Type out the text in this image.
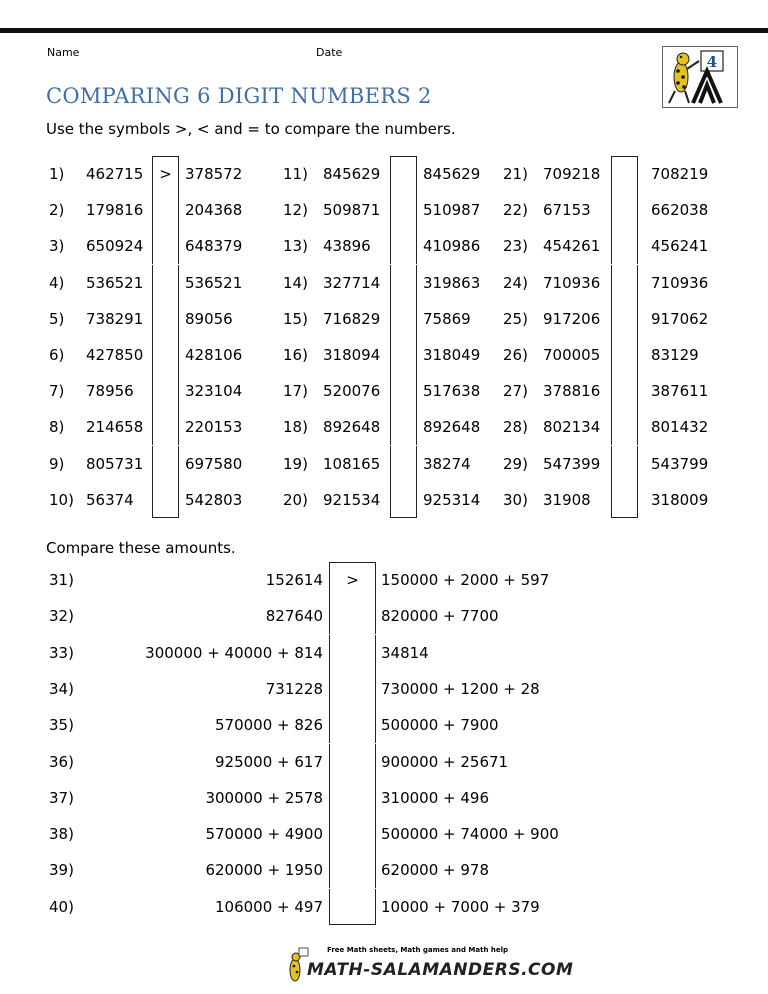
Name	Date
4
COMPARING 6 DIGIT NUMBERS 2
Use the symbols >, < and = to compare the numbers.
1) 462715	> 378572
2) 179816	204368
3) 650924	648379
4) 536521	536521
5) 738291	89056
6) 427850	428106
7) 78956	323104
8) 214658	220153
9) 805731	697580
10) 56374	542803
11) 845629	845629
12) 509871	510987
13) 43896	410986
14) 327714	319863
15) 716829	75869
16) 318094	318049
17) 520076	517638
18) 892648	892648
19) 108165	38274
20) 921534	925314
21) 709218	708219
22) 67153	662038
23) 454261	456241
24) 710936	710936
25) 917206	917062
26) 700005	83129
27) 378816	387611
28) 802134	801432
29) 547399	543799
30) 31908	318009
Compare these amounts.
31)	152614	>	150000 + 2000 + 597
32)	827640	820000 + 7700
33)	300000 + 40000 + 814	34814
34)	731228	730000 + 1200 + 28
35)	570000 + 826	500000 + 7900
36)	925000 + 617	900000 + 25671
37)	300000 + 2578	310000 + 496
38)	570000 + 4900	500000 + 74000 + 900
39)	620000 + 1950	620000 + 978
40)	106000 + 497	10000 + 7000 + 379
Free Math sheets, Math games and Math help
MATH-SALAMANDERS.COM
